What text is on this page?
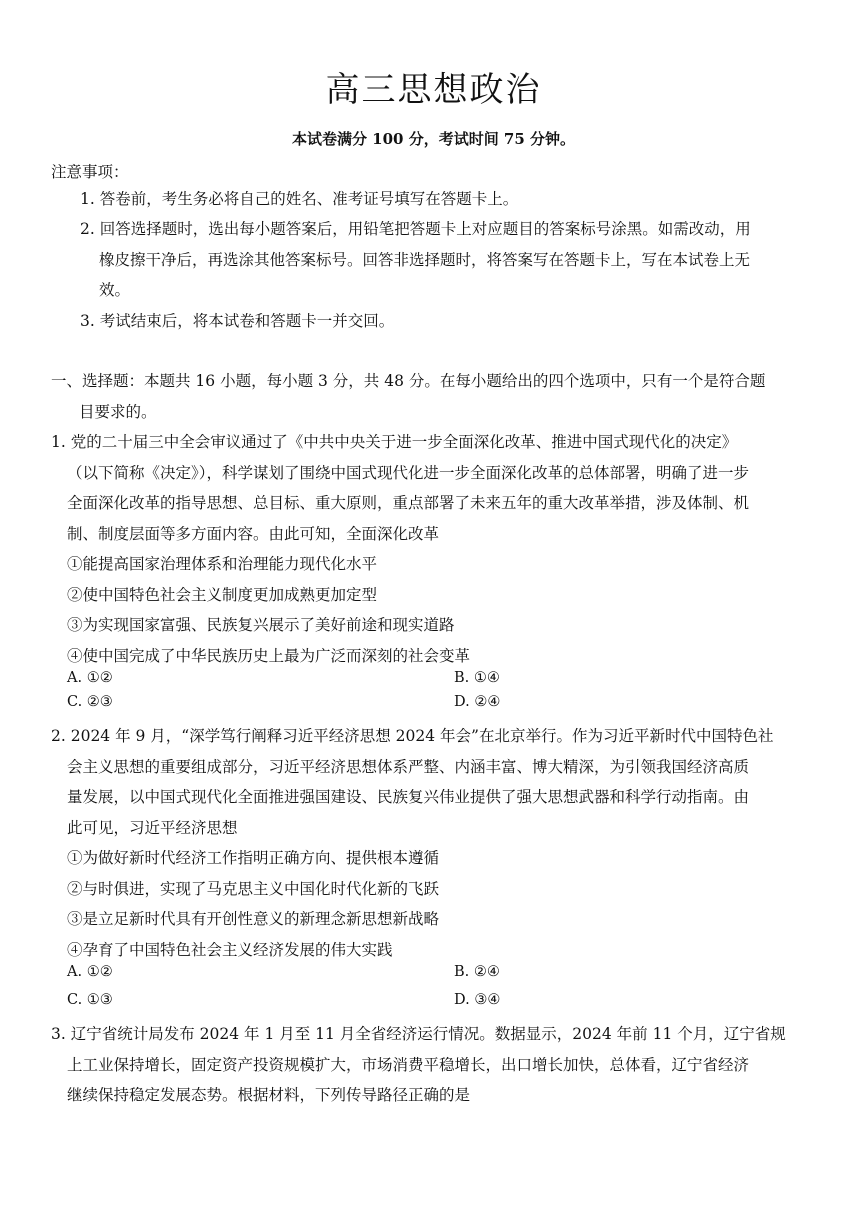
高三思想政治
本试卷满分 100 分，考试时间 75 分钟。
注意事项：
1. 答卷前，考生务必将自己的姓名、准考证号填写在答题卡上。
2. 回答选择题时，选出每小题答案后，用铅笔把答题卡上对应题目的答案标号涂黑。如需改动，用
橡皮擦干净后，再选涂其他答案标号。回答非选择题时，将答案写在答题卡上，写在本试卷上无
效。
3. 考试结束后，将本试卷和答题卡一并交回。
一、选择题：本题共 16 小题，每小题 3 分，共 48 分。在每小题给出的四个选项中，只有一个是符合题
目要求的。
1. 党的二十届三中全会审议通过了《中共中央关于进一步全面深化改革、推进中国式现代化的决定》
（以下简称《决定》），科学谋划了围绕中国式现代化进一步全面深化改革的总体部署，明确了进一步
全面深化改革的指导思想、总目标、重大原则，重点部署了未来五年的重大改革举措，涉及体制、机
制、制度层面等多方面内容。由此可知，全面深化改革
①能提高国家治理体系和治理能力现代化水平
②使中国特色社会主义制度更加成熟更加定型
③为实现国家富强、民族复兴展示了美好前途和现实道路
④使中国完成了中华民族历史上最为广泛而深刻的社会变革
A. ①②	B. ①④
C. ②③	D. ②④
2. 2024 年 9 月，“深学笃行阐释习近平经济思想 2024 年会”在北京举行。作为习近平新时代中国特色社
会主义思想的重要组成部分，习近平经济思想体系严整、内涵丰富、博大精深，为引领我国经济高质
量发展，以中国式现代化全面推进强国建设、民族复兴伟业提供了强大思想武器和科学行动指南。由
此可见，习近平经济思想
①为做好新时代经济工作指明正确方向、提供根本遵循
②与时俱进，实现了马克思主义中国化时代化新的飞跃
③是立足新时代具有开创性意义的新理念新思想新战略
④孕育了中国特色社会主义经济发展的伟大实践
A. ①②	B. ②④
C. ①③	D. ③④
3. 辽宁省统计局发布 2024 年 1 月至 11 月全省经济运行情况。数据显示，2024 年前 11 个月，辽宁省规
上工业保持增长，固定资产投资规模扩大，市场消费平稳增长，出口增长加快，总体看，辽宁省经济
继续保持稳定发展态势。根据材料，下列传导路径正确的是
